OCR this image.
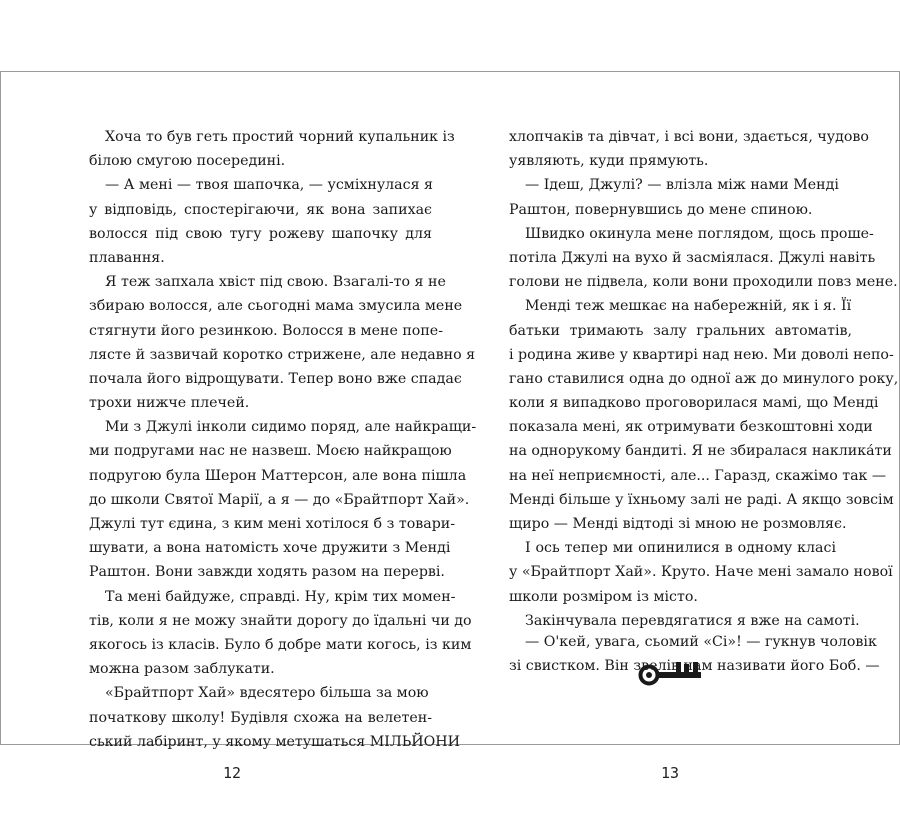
Хоча то був геть простий чорний купальник із
білою смугою посередині.
— А мені — твоя шапочка, — усміхнулася я
у відповідь, спостерігаючи, як вона запихає
волосся під свою тугу рожеву шапочку для
плавання.
Я теж запхала хвіст під свою. Взагалі-то я не
збираю волосся, але сьогодні мама змусила мене
стягнути його резинкою. Волосся в мене попе-
лясте й зазвичай коротко стрижене, але недавно я
почала його відрощувати. Тепер воно вже спадає
трохи нижче плечей.
Ми з Джулі інколи сидимо поряд, але найкращи-
ми подругами нас не назвеш. Моєю найкращою
подругою була Шерон Маттерсон, але вона пішла
до школи Святої Марії, а я — до «Брайтпорт Хай».
Джулі тут єдина, з ким мені хотілося б з товари-
шувати, а вона натомість хоче дружити з Менді
Раштон. Вони завжди ходять разом на перерві.
Та мені байдуже, справді. Ну, крім тих момен-
тів, коли я не можу знайти дорогу до їдальні чи до
якогось із класів. Було б добре мати когось, із ким
можна разом заблукати.
«Брайтпорт Хай» вдесятеро більша за мою
початкову школу! Будівля схожа на велетен-
ський лабіринт, у якому метушаться МІЛЬЙОНИ
12
хлопчаків та дівчат, і всі вони, здається, чудово
уявляють, куди прямують.
— Ідеш, Джулі? — влізла між нами Менді
Раштон, повернувшись до мене спиною.
Швидко окинула мене поглядом, щось проше-
потіла Джулі на вухо й засміялася. Джулі навіть
голови не підвела, коли вони проходили повз мене.
Менді теж мешкає на набережній, як і я. Її
батьки тримають залу гральних автоматів,
і родина живе у квартирі над нею. Ми доволі непо-
гано ставилися одна до одної аж до минулого року,
коли я випадково проговорилася мамі, що Менді
показала мені, як отримувати безкоштовні ходи
на однорукому бандиті. Я не збиралася наклика́ти
на неї неприємності, але... Гаразд, скажімо так —
Менді більше у їхньому залі не раді. А якщо зовсім
щиро — Менді відтоді зі мною не розмовляє.
І ось тепер ми опинилися в одному класі
у «Брайтпорт Хай». Круто. Наче мені замало нової
школи розміром із місто.
Закінчувала перевдягатися я вже на самоті.
— О'кей, увага, сьомий «Сі»! — гукнув чоловік
зі свистком. Він звелів нам називати його Боб. —
13
